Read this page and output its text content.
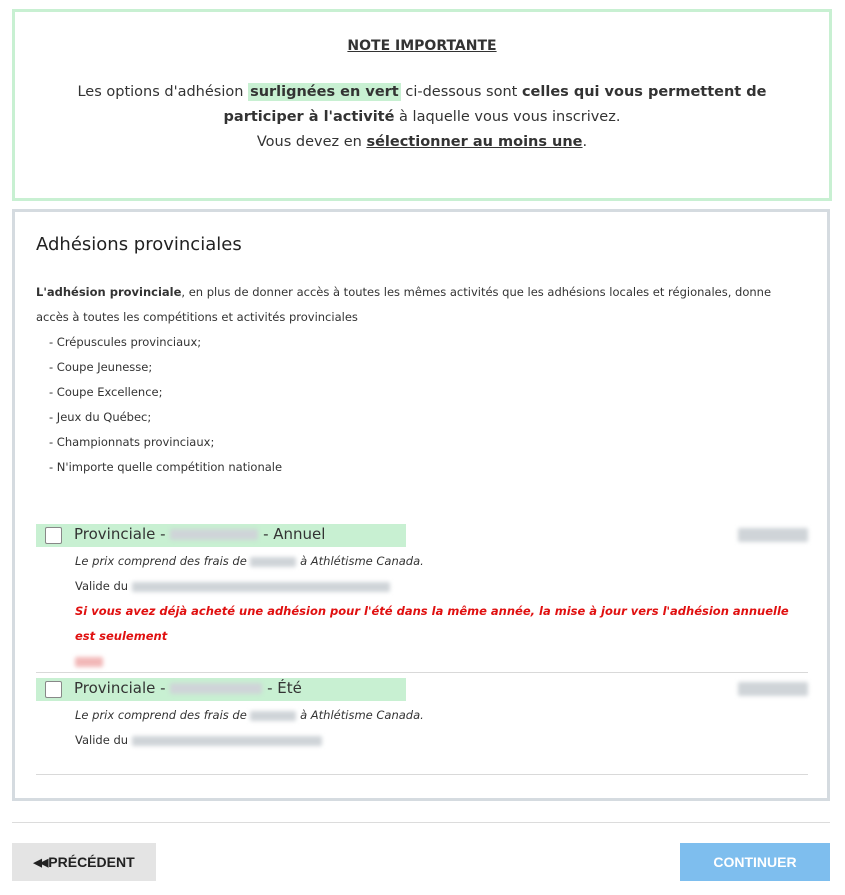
NOTE IMPORTANTE
Les options d'adhésion surlignées en vert ci-dessous sont celles qui vous permettent de participer à l'activité à laquelle vous vous inscrivez.
Vous devez en sélectionner au moins une.
Adhésions provinciales
L'adhésion provinciale, en plus de donner accès à toutes les mêmes activités que les adhésions locales et régionales, donne accès à toutes les compétitions et activités provinciales
- Crépuscules provinciaux;
- Coupe Jeunesse;
- Coupe Excellence;
- Jeux du Québec;
- Championnats provinciaux;
- N'importe quelle compétition nationale
Provinciale -	- Annuel
Le prix comprend des frais de	à Athlétisme Canada.
Valide du
Si vous avez déjà acheté une adhésion pour l'été dans la même année, la mise à jour vers l'adhésion annuelle est seulement

Provinciale -	- Été
Le prix comprend des frais de	à Athlétisme Canada.
Valide du
◀◀ PRÉCÉDENT	CONTINUER
